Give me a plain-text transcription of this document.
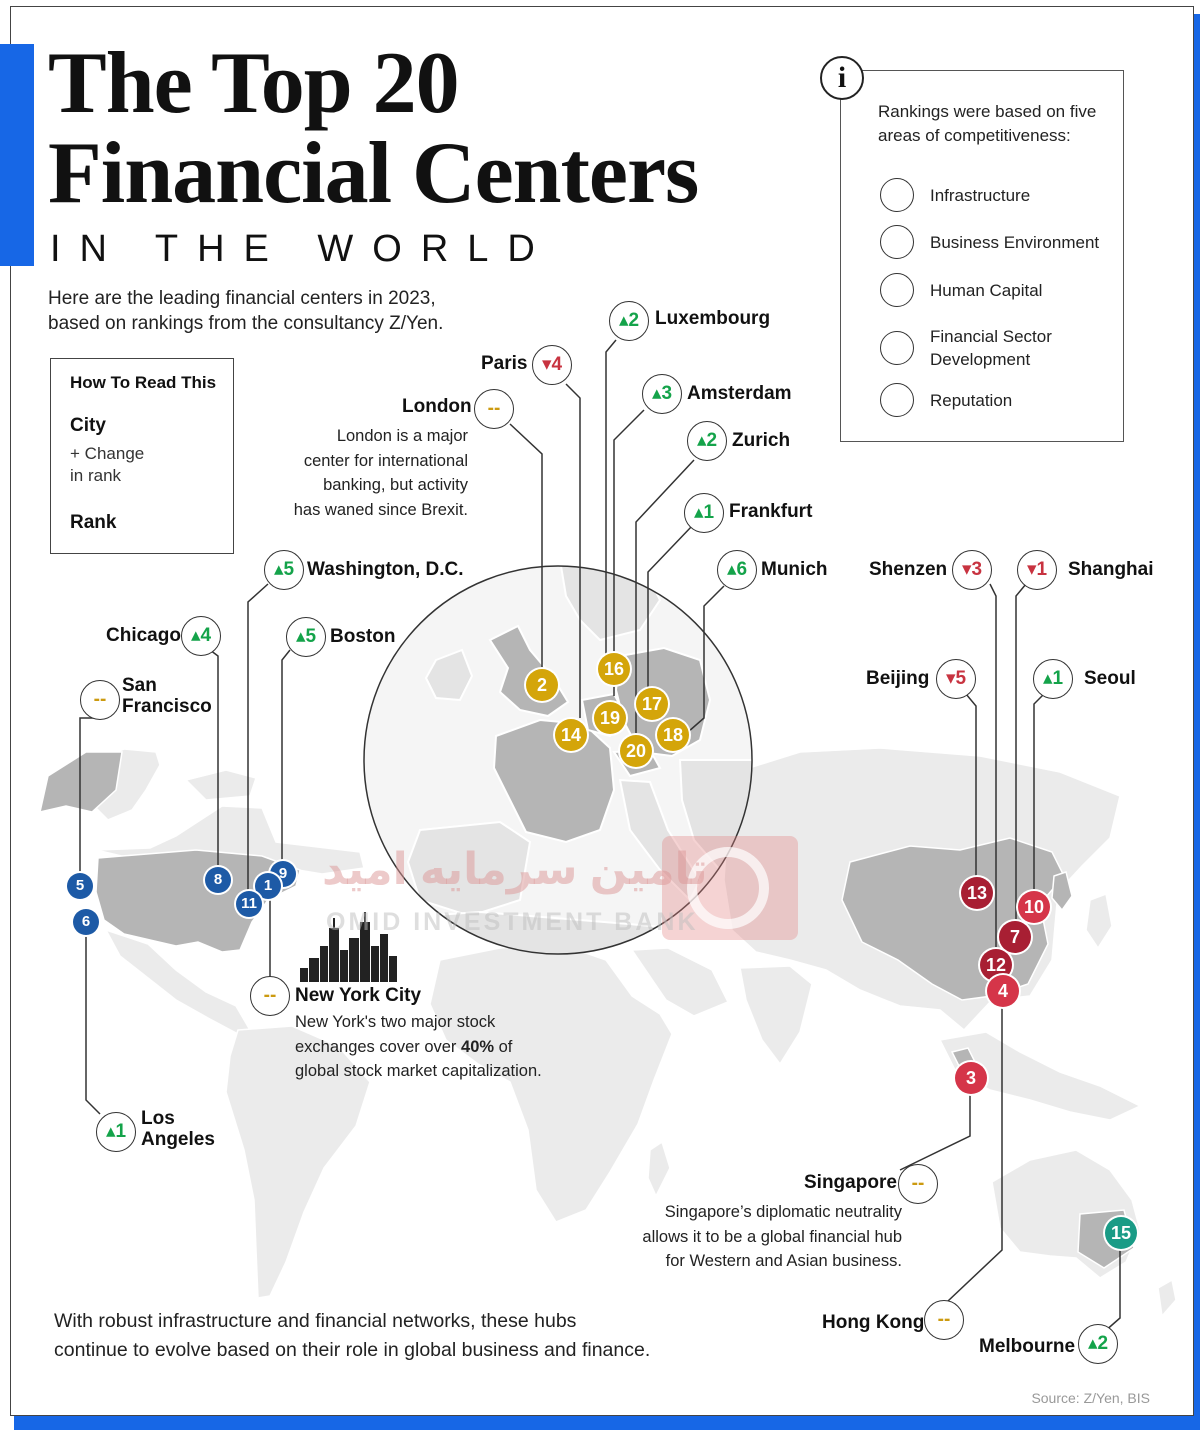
تامین سرمایه امید
OMID INVESTMENT BANK
The Top 20
Financial Centers
IN THE WORLD
Here are the leading financial centers in 2023,
based on rankings from the consultancy Z/Yen.
How To Read This
City
+ Change
in rank
Rank
i
Rankings were based on five
areas of competitiveness:
Infrastructure
Business Environment
Human Capital
Financial Sector
Development
Reputation
San
Francisco
Los
Angeles
Chicago
Washington, D.C.
Boston
New York City
London
Paris
Luxembourg
Amsterdam
Zurich
Frankfurt
Munich Shenzen	Shanghai
Beijing	Seoul
Singapore
Hong Kong
Melbourne
--
▴1
▴4
▴5
▴5
--
--
▾4
▴2
▴3
▴2
▴1
▴6	▾3	▾1
▾5	▴1
--
--
▴2
5
6
8	9
1
11
2
16
17
19
14	18
20
13
10
7
12
4
3
15
London is a major
center for international
banking, but activity
has waned since Brexit.
New York's two major stock
exchanges cover over 40% of
global stock market capitalization.
Singapore’s diplomatic neutrality
allows it to be a global financial hub
for Western and Asian business.
With robust infrastructure and financial networks, these hubs
continue to evolve based on their role in global business and finance.
Source: Z/Yen, BIS
